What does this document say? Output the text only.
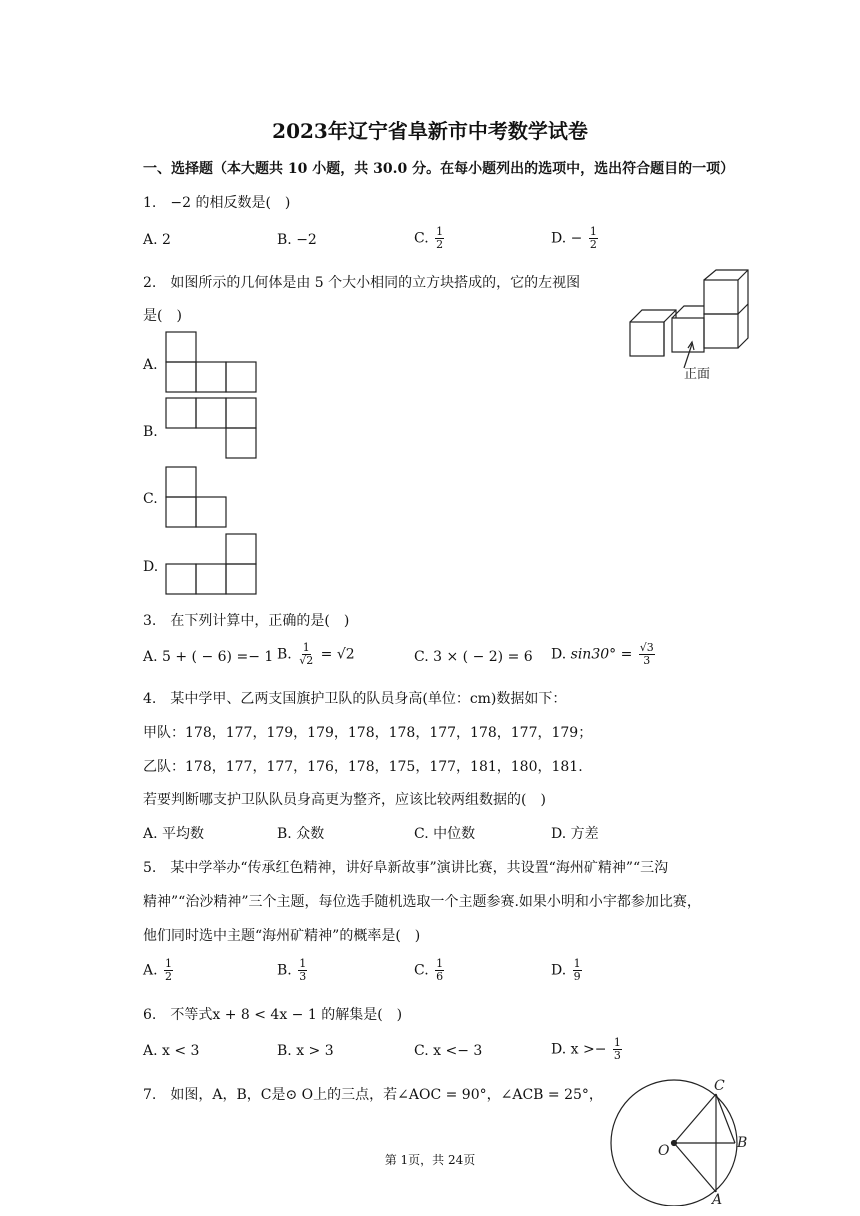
2023年辽宁省阜新市中考数学试卷
一、选择题（本大题共 10 小题，共 30.0 分。在每小题列出的选项中，选出符合题目的一项）
1.　−2 的相反数是(　)
A. 2	B. −2	C. $\frac{1}{2}$	D. − $\frac{1}{2}$
2.　如图所示的几何体是由 5 个大小相同的立方块搭成的，它的左视图
是(　)
正面
A.
B.
C.
D.
3.　在下列计算中，正确的是(　)
A. 5 + ( − 6) =− 1 B. $\frac{1}{√2} = √2$	C. 3 × ( − 2) = 6 D. $\sin 30^\circ = \frac{√3}{3}$
4.　某中学甲、乙两支国旗护卫队的队员身高(单位：cm)数据如下：
甲队：178，177，179，179，178，178，177，178，177，179；
乙队：178，177，177，176，178，175，177，181，180，181.
若要判断哪支护卫队队员身高更为整齐，应该比较两组数据的(　)
A. 平均数	B. 众数	C. 中位数	D. 方差
5.　某中学举办“传承红色精神，讲好阜新故事”演讲比赛，共设置“海州矿精神”“三沟
精神”“治沙精神”三个主题，每位选手随机选取一个主题参赛.如果小明和小宇都参加比赛，
他们同时选中主题“海州矿精神”的概率是(　)
A. $\frac{1}{2}$	B. $\frac{1}{3}$	C. $\frac{1}{6}$	D. $\frac{1}{9}$
6.　不等式x + 8 < 4x − 1 的解集是(　)
A. x < 3	B. x > 3	C. x <− 3	D. $x >- \frac{1}{3}$
7.　如图，A，B，C是⊙ O上的三点，若∠AOC = 90°，∠ACB = 25°，
O
C
B
A
第 1页，共 24页
